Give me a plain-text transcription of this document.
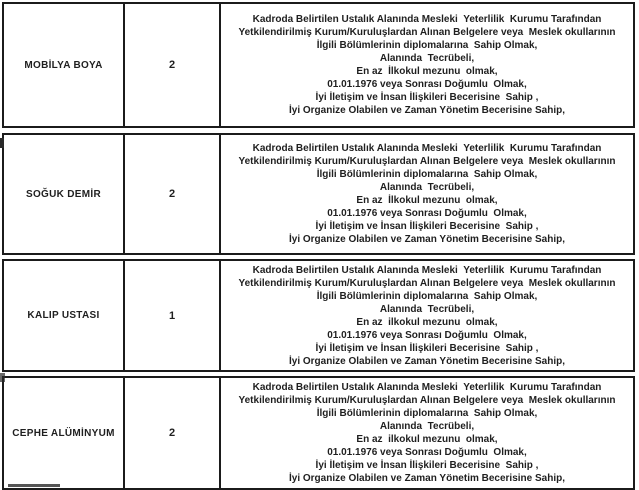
MOBİLYA BOYA	2
Kadroda Belirtilen Ustalık Alanında Mesleki  Yeterlilik  Kurumu Tarafından
Yetkilendirilmiş Kurum/Kuruluşlardan Alınan Belgelere veya  Meslek okullarının
İlgili Bölümlerinin diplomalarına  Sahip Olmak,
Alanında  Tecrübeli,
En az  İlkokul mezunu  olmak,
01.01.1976 veya Sonrası Doğumlu  Olmak,
İyi İletişim ve İnsan İlişkileri Becerisine  Sahip ,
İyi Organize Olabilen ve Zaman Yönetim Becerisine Sahip,
SOĞUK DEMİR	2
Kadroda Belirtilen Ustalık Alanında Mesleki  Yeterlilik  Kurumu Tarafından
Yetkilendirilmiş Kurum/Kuruluşlardan Alınan Belgelere veya  Meslek okullarının
İlgili Bölümlerinin diplomalarına  Sahip Olmak,
Alanında  Tecrübeli,
En az  İlkokul mezunu  olmak,
01.01.1976 veya Sonrası Doğumlu  Olmak,
İyi İletişim ve İnsan İlişkileri Becerisine  Sahip ,
İyi Organize Olabilen ve Zaman Yönetim Becerisine Sahip,
KALIP USTASI	1
Kadroda Belirtilen Ustalık Alanında Mesleki  Yeterlilik  Kurumu Tarafından
Yetkilendirilmiş Kurum/Kuruluşlardan Alınan Belgelere veya  Meslek okullarının
İlgili Bölümlerinin diplomalarına  Sahip Olmak,
Alanında  Tecrübeli,
En az  ilkokul mezunu  olmak,
01.01.1976 veya Sonrası Doğumlu  Olmak,
İyi İletişim ve İnsan İlişkileri Becerisine  Sahip ,
İyi Organize Olabilen ve Zaman Yönetim Becerisine Sahip,
CEPHE ALÜMİNYUM	2
Kadroda Belirtilen Ustalık Alanında Mesleki  Yeterlilik  Kurumu Tarafından
Yetkilendirilmiş Kurum/Kuruluşlardan Alınan Belgelere veya  Meslek okullarının
İlgili Bölümlerinin diplomalarına  Sahip Olmak,
Alanında  Tecrübeli,
En az  ilkokul mezunu  olmak,
01.01.1976 veya Sonrası Doğumlu  Olmak,
İyi İletişim ve İnsan İlişkileri Becerisine  Sahip ,
İyi Organize Olabilen ve Zaman Yönetim Becerisine Sahip,
